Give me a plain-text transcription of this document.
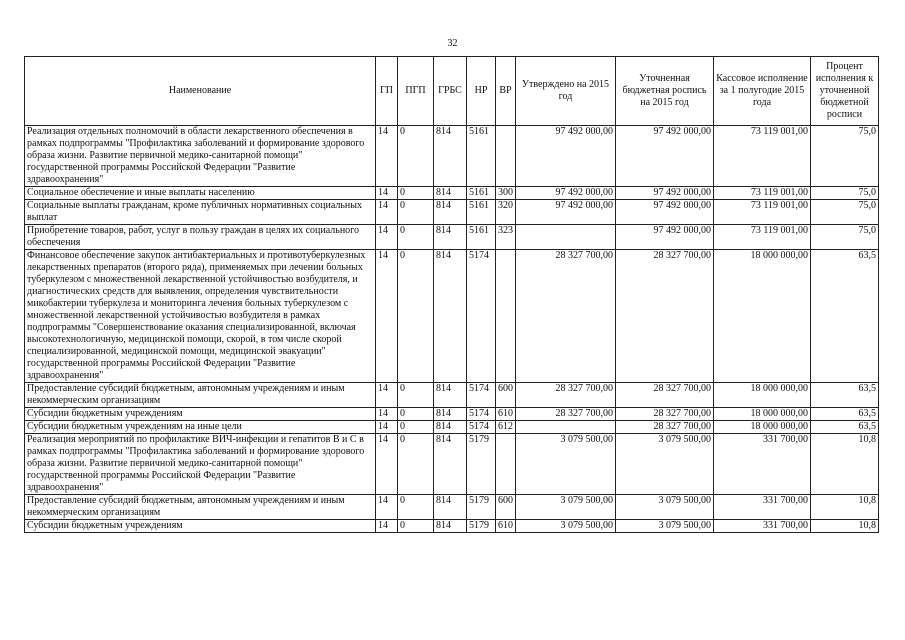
32
Наименование	ГП	ПГП	ГРБС	НР	ВР	Утверждено на 2015 год	Уточненная бюджетная роспись на 2015 год	Кассовое исполнение за 1 полугодие 2015 года	Процент исполнения к уточненной бюджетной росписи
Реализация отдельных полномочий в области лекарственного обеспечения в рамках подпрограммы "Профилактика заболеваний и формирование здорового образа жизни. Развитие первичной медико-санитарной помощи" государственной программы Российской Федерации "Развитие здравоохранения"	14	0	814	5161		97 492 000,00	97 492 000,00	73 119 001,00	75,0
Социальное обеспечение и иные выплаты населению	14	0	814	5161	300	97 492 000,00	97 492 000,00	73 119 001,00	75,0
Социальные выплаты гражданам, кроме публичных нормативных социальных выплат	14	0	814	5161	320	97 492 000,00	97 492 000,00	73 119 001,00	75,0
Приобретение товаров, работ, услуг в пользу граждан в целях их социального обеспечения	14	0	814	5161	323		97 492 000,00	73 119 001,00	75,0
Финансовое обеспечение закупок антибактериальных и противотуберкулезных лекарственных препаратов (второго ряда), применяемых при лечении больных туберкулезом с множественной лекарственной устойчивостью возбудителя, и диагностических средств для выявления, определения чувствительности микобактерии туберкулеза и мониторинга лечения больных туберкулезом с множественной лекарственной устойчивостью возбудителя в рамках подпрограммы "Совершенствование оказания специализированной, включая высокотехнологичную, медицинской помощи, скорой, в том числе скорой специализированной, медицинской помощи, медицинской эвакуации" государственной программы Российской Федерации "Развитие здравоохранения"	14	0	814	5174		28 327 700,00	28 327 700,00	18 000 000,00	63,5
Предоставление субсидий бюджетным, автономным учреждениям и иным некоммерческим организациям	14	0	814	5174	600	28 327 700,00	28 327 700,00	18 000 000,00	63,5
Субсидии бюджетным учреждениям	14	0	814	5174	610	28 327 700,00	28 327 700,00	18 000 000,00	63,5
Субсидии бюджетным учреждениям на иные цели	14	0	814	5174	612		28 327 700,00	18 000 000,00	63,5
Реализация мероприятий по профилактике ВИЧ-инфекции и гепатитов В и С в рамках подпрограммы "Профилактика заболеваний и формирование здорового образа жизни. Развитие первичной медико-санитарной помощи" государственной программы Российской Федерации "Развитие здравоохранения"	14	0	814	5179		3 079 500,00	3 079 500,00	331 700,00	10,8
Предоставление субсидий бюджетным, автономным учреждениям и иным некоммерческим организациям	14	0	814	5179	600	3 079 500,00	3 079 500,00	331 700,00	10,8
Субсидии бюджетным учреждениям	14	0	814	5179	610	3 079 500,00	3 079 500,00	331 700,00	10,8
